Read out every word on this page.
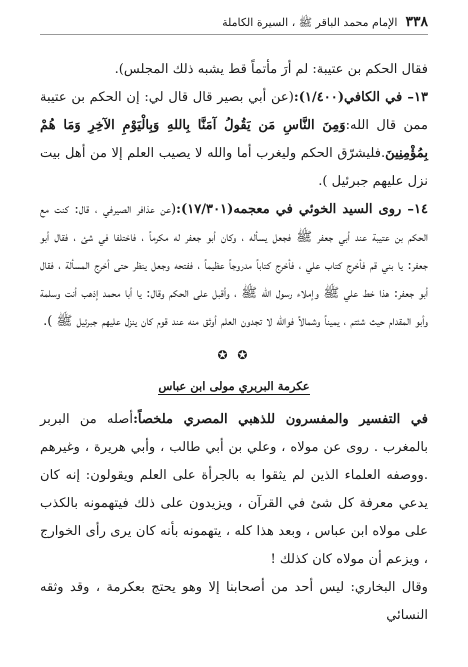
٣٣٨
الإمام محمد الباقر ﷺ ، السيرة الكاملة

فقال الحكم بن عتيبة: لم أرَ مأتماً قط يشبه ذلك المجلس).

١٣– في الكافي(١/٤٠٠):(عن أبي بصير قال قال لي: إن الحكم بن عتيبة ممن قال الله:وَمِنَ النَّاسِ مَن يَقُولُ آمَنَّا بِاللهِ وَبِالْيَوْمِ الآخِرِ وَمَا هُمْ بِمُؤْمِنِينَ.فليشرّق الحكم وليغرب أما والله لا يصيب العلم إلا من أهل بيت نزل عليهم جبرئيل ).

١٤– روى السيد الخوئي في معجمه(١٧/٣٠١):(عن عذافر الصيرفي ، قال: كنت مع الحكم بن عتيبة عند أبي جعفر ﷺ فجعل يسأله ، وكان أبو جعفر له مكرماً ، فاختلفا في شئ ، فقال أبو جعفر: يا بني قم فأخرج كتاب علي ، فأخرج كتاباً مدروجاً عظيماً ، ففتحه وجعل ينظر حتى أخرج المسألة ، فقال أبو جعفر: هذا خط علي ﷺ وإملاء رسول الله ﷺ ، وأقبل على الحكم وقال: يا أبا محمد إذهب أنت وسلمة وأبو المقدام حيث شئتم ، يميناً وشمالاً فوالله لا تجدون العلم أوثق منه عند قوم كان ينزل عليهم جبرئيل ﷺ ).

✪ ✪
عكرمة البربري مولى ابن عباس

في التفسير والمفسرون للذهبي المصري ملخصاً:أصله من البربر بالمغرب . روى عن مولاه ، وعلي بن أبي طالب ، وأبي هريرة ، وغيرهم .ووصفه العلماء الذين لم يثقوا به بالجرأة على العلم ويقولون: إنه كان يدعي معرفة كل شئ في القرآن ، ويزيدون على ذلك فيتهمونه بالكذب على مولاه ابن عباس ، وبعد هذا كله ، يتهمونه بأنه كان يرى رأى الخوارج ، ويزعم أن مولاه كان كذلك !

وقال البخاري: ليس أحد من أصحابنا إلا وهو يحتج بعكرمة ، وقد وثقه النسائي
